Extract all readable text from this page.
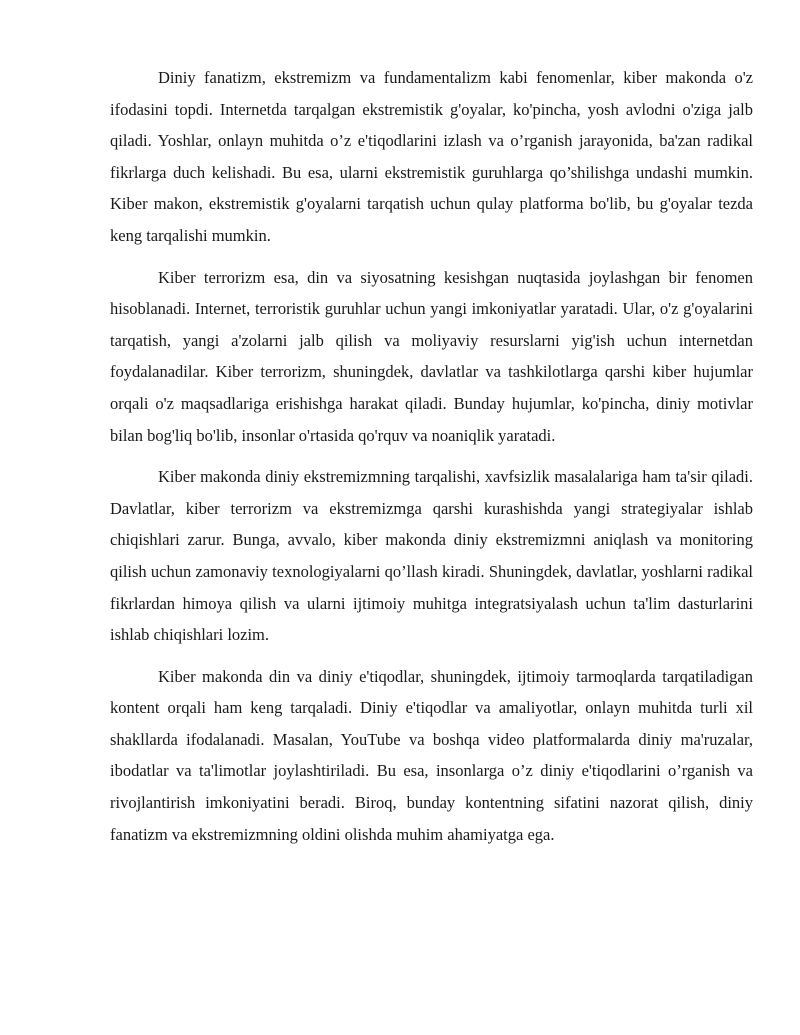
Diniy fanatizm, ekstremizm va fundamentalizm kabi fenomenlar, kiber makonda o'z ifodasini topdi. Internetda tarqalgan ekstremistik g'oyalar, ko'pincha, yosh avlodni o'ziga jalb qiladi. Yoshlar, onlayn muhitda o’z e'tiqodlarini izlash va o’rganish jarayonida, ba'zan radikal fikrlarga duch kelishadi. Bu esa, ularni ekstremistik guruhlarga qo’shilishga undashi mumkin. Kiber makon, ekstremistik g'oyalarni tarqatish uchun qulay platforma bo'lib, bu g'oyalar tezda keng tarqalishi mumkin.

Kiber terrorizm esa, din va siyosatning kesishgan nuqtasida joylashgan bir fenomen hisoblanadi. Internet, terroristik guruhlar uchun yangi imkoniyatlar yaratadi. Ular, o'z g'oyalarini tarqatish, yangi a'zolarni jalb qilish va moliyaviy resurslarni yig'ish uchun internetdan foydalanadilar. Kiber terrorizm, shuningdek, davlatlar va tashkilotlarga qarshi kiber hujumlar orqali o'z maqsadlariga erishishga harakat qiladi. Bunday hujumlar, ko'pincha, diniy motivlar bilan bog'liq bo'lib, insonlar o'rtasida qo'rquv va noaniqlik yaratadi.

Kiber makonda diniy ekstremizmning tarqalishi, xavfsizlik masalalariga ham ta'sir qiladi. Davlatlar, kiber terrorizm va ekstremizmga qarshi kurashishda yangi strategiyalar ishlab chiqishlari zarur. Bunga, avvalo, kiber makonda diniy ekstremizmni aniqlash va monitoring qilish uchun zamonaviy texnologiyalarni qo’llash kiradi. Shuningdek, davlatlar, yoshlarni radikal fikrlardan himoya qilish va ularni ijtimoiy muhitga integratsiyalash uchun ta'lim dasturlarini ishlab chiqishlari lozim.

Kiber makonda din va diniy e'tiqodlar, shuningdek, ijtimoiy tarmoqlarda tarqatiladigan kontent orqali ham keng tarqaladi. Diniy e'tiqodlar va amaliyotlar, onlayn muhitda turli xil shakllarda ifodalanadi. Masalan, YouTube va boshqa video platformalarda diniy ma'ruzalar, ibodatlar va ta'limotlar joylashtiriladi. Bu esa, insonlarga o’z diniy e'tiqodlarini o’rganish va rivojlantirish imkoniyatini beradi. Biroq, bunday kontentning sifatini nazorat qilish, diniy fanatizm va ekstremizmning oldini olishda muhim ahamiyatga ega.
